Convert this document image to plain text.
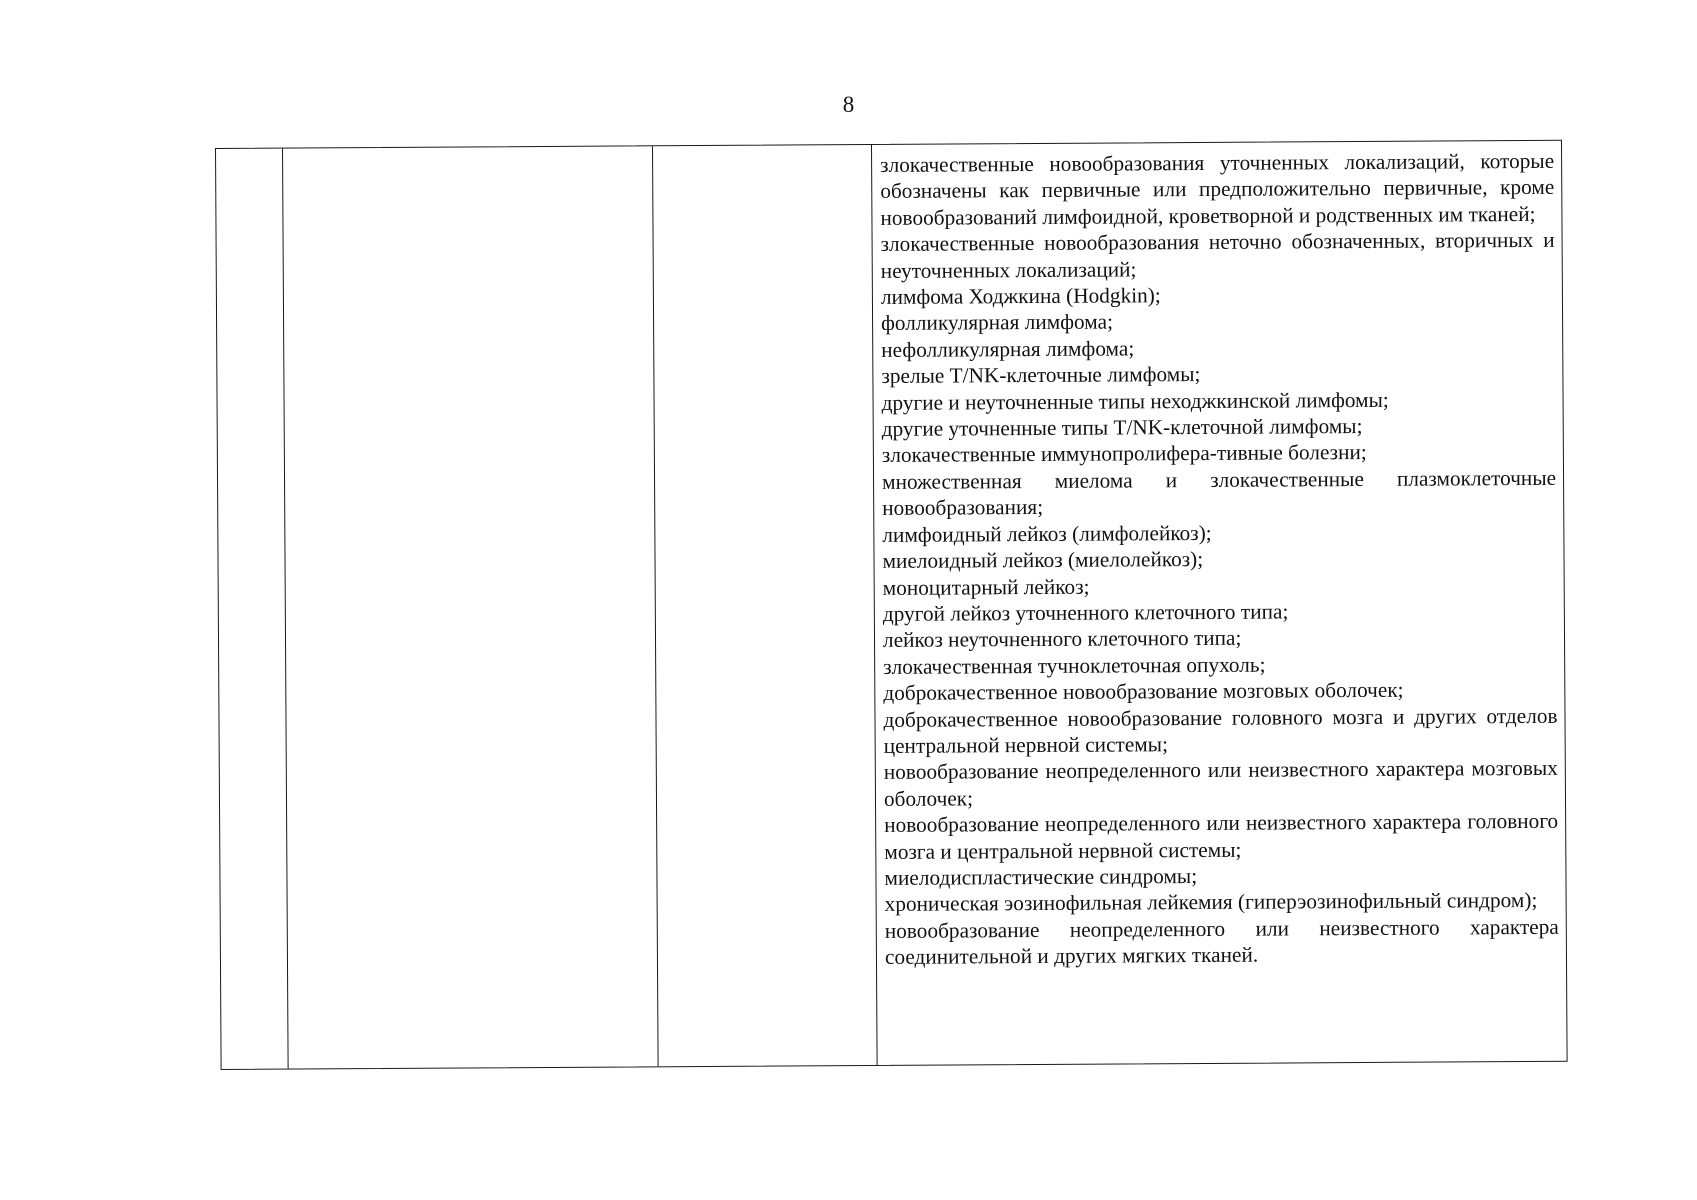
8
злокачественные новообразования уточненных локализаций, которые обозначены как первичные или предположительно первичные, кроме новообразований лимфоидной, кроветворной и родственных им тканей;
злокачественные новообразования неточно обозначенных, вторичных и неуточненных локализаций;
лимфома Ходжкина (Hodgkin);
фолликулярная лимфома;
нефолликулярная лимфома;
зрелые T/NK-клеточные лимфомы;
другие и неуточненные типы неходжкинской лимфомы;
другие уточненные типы T/NK-клеточной лимфомы;
злокачественные иммунопролифера-тивные болезни;
множественная миелома и злокачественные плазмоклеточные новообразования;
лимфоидный лейкоз (лимфолейкоз);
миелоидный лейкоз (миелолейкоз);
моноцитарный лейкоз;
другой лейкоз уточненного клеточного типа;
лейкоз неуточненного клеточного типа;
злокачественная тучноклеточная опухоль;
доброкачественное новообразование мозговых оболочек;
доброкачественное новообразование головного мозга и других отделов центральной нервной системы;
новообразование неопределенного или неизвестного характера мозговых оболочек;
новообразование неопределенного или неизвестного характера головного мозга и центральной нервной системы;
миелодиспластические синдромы;
хроническая эозинофильная лейкемия (гиперэозинофильный синдром);
новообразование неопределенного или неизвестного характера соединительной и других мягких тканей.
